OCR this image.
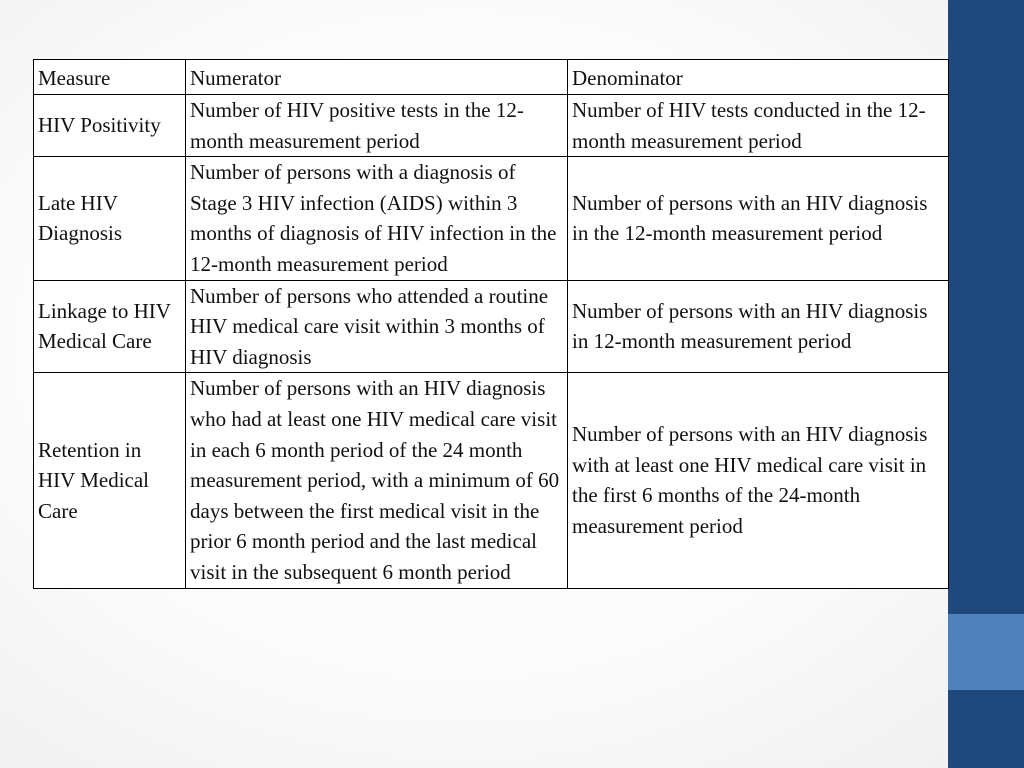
Measure	Numerator	Denominator
HIV Positivity	Number of HIV positive tests in the 12-month measurement period	Number of HIV tests conducted in the 12-month measurement period
Late HIV Diagnosis	Number of persons with a diagnosis of Stage 3 HIV infection (AIDS) within 3 months of diagnosis of HIV infection in the 12-month measurement period	Number of persons with an HIV diagnosis in the 12-month measurement period
Linkage to HIV Medical Care	Number of persons who attended a routine HIV medical care visit within 3 months of HIV diagnosis	Number of persons with an HIV diagnosis in 12-month measurement period
Retention in HIV Medical Care	Number of persons with an HIV diagnosis who had at least one HIV medical care visit in each 6 month period of the 24 month measurement period, with a minimum of 60 days between the first medical visit in the prior 6 month period and the last medical visit in the subsequent 6 month period	Number of persons with an HIV diagnosis with at least one HIV medical care visit in the first 6 months of the 24-month measurement period
